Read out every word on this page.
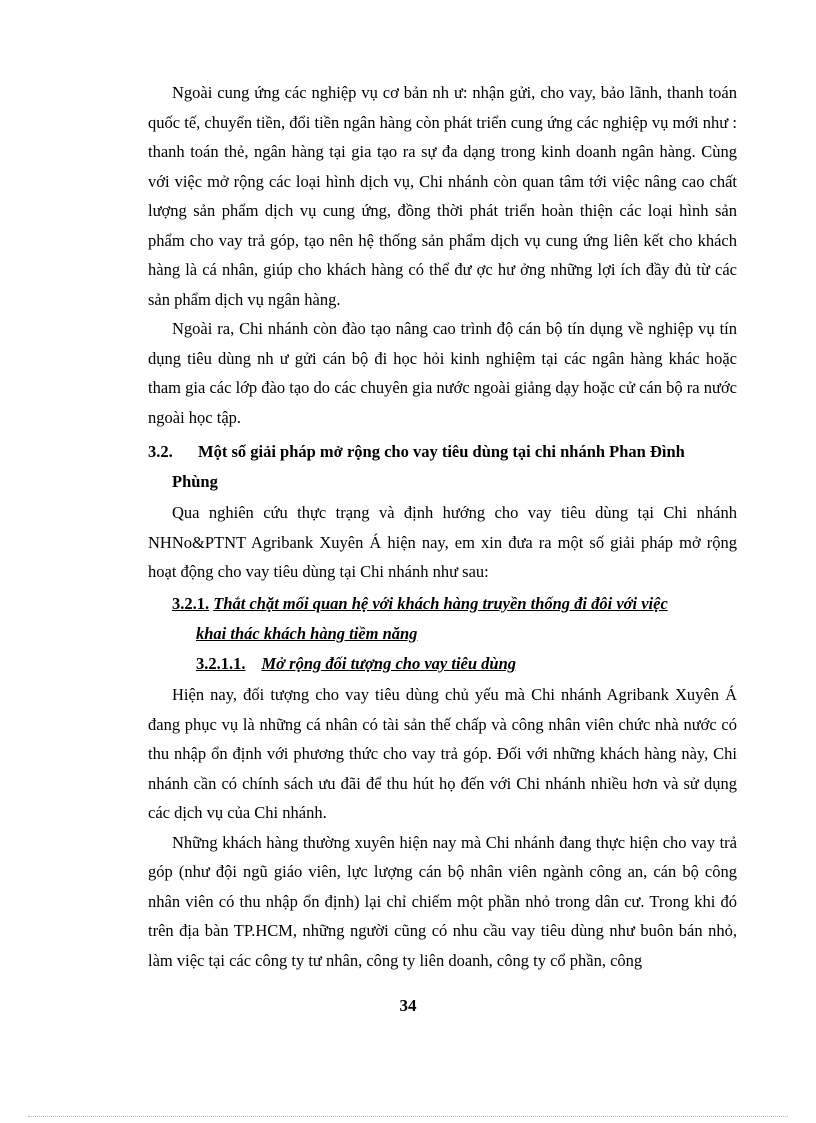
Ngoài cung ứng các nghiệp vụ cơ bản nh ư: nhận gửi, cho vay, bảo lãnh, thanh toán quốc tế, chuyển tiền, đổi tiền ngân hàng còn phát triển cung ứng các nghiệp vụ mới như : thanh toán thẻ, ngân hàng tại gia tạo ra sự đa dạng trong kinh doanh ngân hàng. Cùng với việc mở rộng các loại hình dịch vụ, Chi nhánh còn quan tâm tới việc nâng cao chất lượng sản phẩm dịch vụ cung ứng, đồng thời phát triển hoàn thiện các loại hình sản phẩm cho vay trả góp, tạo nên hệ thống sản phẩm dịch vụ cung ứng liên kết cho khách hàng là cá nhân, giúp cho khách hàng có thể đư ợc hư ởng những lợi ích đầy đủ từ các sản phẩm dịch vụ ngân hàng.

Ngoài ra, Chi nhánh còn đào tạo nâng cao trình độ cán bộ tín dụng về nghiệp vụ tín dụng tiêu dùng nh ư gửi cán bộ đi học hỏi kinh nghiệm tại các ngân hàng khác hoặc tham gia các lớp đào tạo do các chuyên gia nước ngoài giảng dạy hoặc cử cán bộ ra nước ngoài học tập.

3.2. Một số giải pháp mở rộng cho vay tiêu dùng tại chi nhánh Phan Đình
Phùng

Qua nghiên cứu thực trạng và định hướng cho vay tiêu dùng tại Chi nhánh NHNo&PTNT Agribank Xuyên Á hiện nay, em xin đưa ra một số giải pháp mở rộng hoạt động cho vay tiêu dùng tại Chi nhánh như sau:

3.2.1. Thắt chặt mối quan hệ với khách hàng truyền thống đi đôi với việc
khai thác khách hàng tiềm năng
3.2.1.1. Mở rộng đối tượng cho vay tiêu dùng

Hiện nay, đối tượng cho vay tiêu dùng chủ yếu mà Chi nhánh Agribank Xuyên Á đang phục vụ là những cá nhân có tài sản thế chấp và công nhân viên chức nhà nước có thu nhập ổn định với phương thức cho vay trả góp. Đối với những khách hàng này, Chi nhánh cần có chính sách ưu đãi để thu hút họ đến với Chi nhánh nhiều hơn và sử dụng các dịch vụ của Chi nhánh.

Những khách hàng thường xuyên hiện nay mà Chi nhánh đang thực hiện cho vay trả góp (như đội ngũ giáo viên, lực lượng cán bộ nhân viên ngành công an, cán bộ công nhân viên có thu nhập ổn định) lại chỉ chiếm một phần nhỏ trong dân cư. Trong khi đó trên địa bàn TP.HCM, những người cũng có nhu cầu vay tiêu dùng như buôn bán nhỏ, làm việc tại các công ty tư nhân, công ty liên doanh, công ty cổ phần, công

34
